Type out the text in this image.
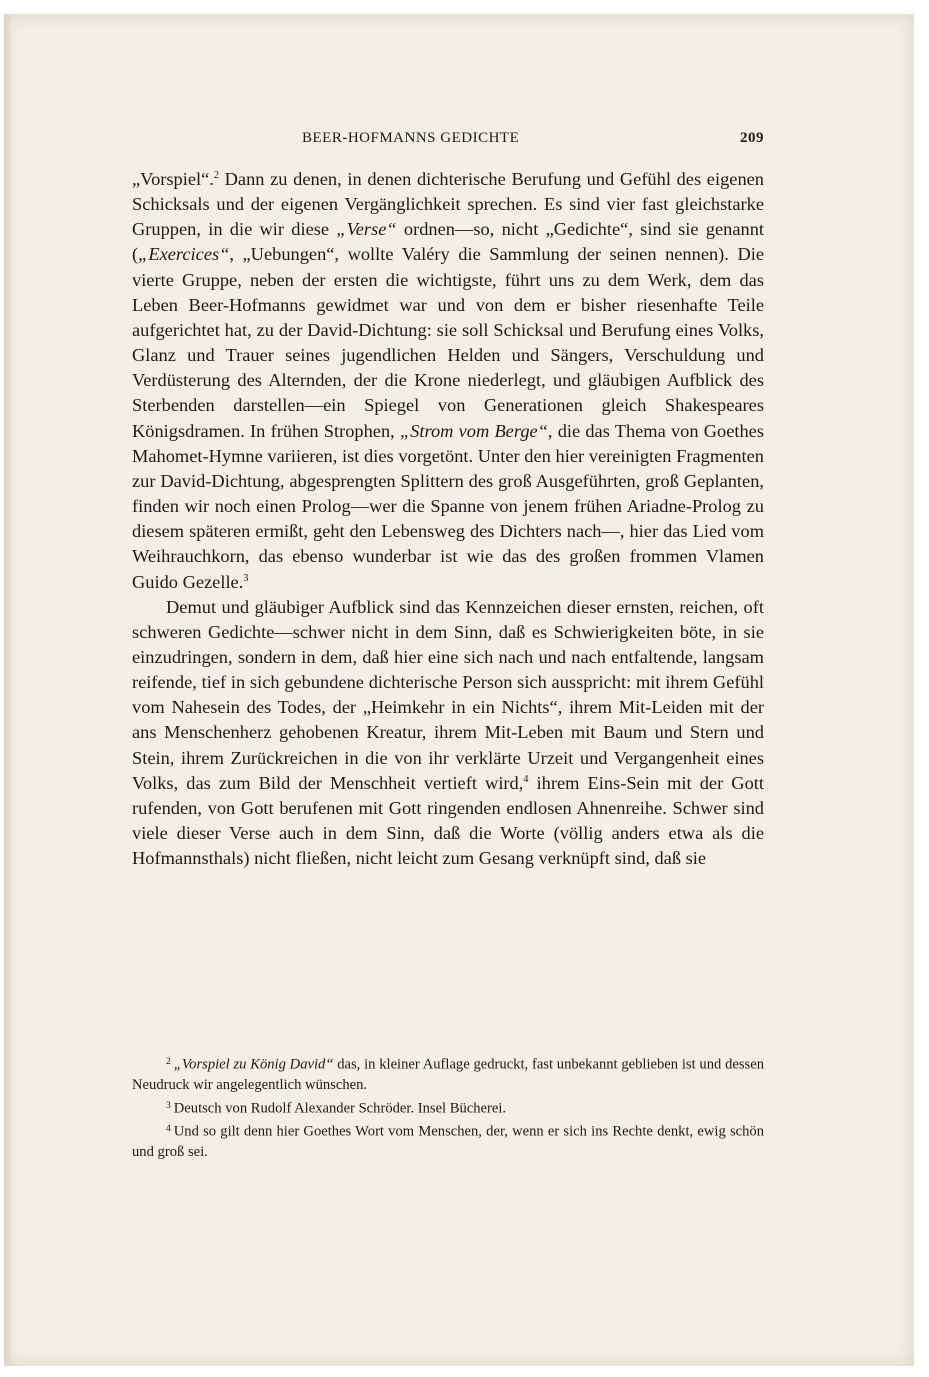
BEER-HOFMANNS GEDICHTE	209

„Vorspiel“.$^2$ Dann zu denen, in denen dichterische Berufung und Gefühl des eigenen Schicksals und der eigenen Vergänglichkeit sprechen. Es sind vier fast gleichstarke Gruppen, in die wir diese „Verse“ ordnen—so, nicht „Gedichte“, sind sie genannt („Exercices“, „Uebungen“, wollte Valéry die Sammlung der seinen nennen). Die vierte Gruppe, neben der ersten die wichtigste, führt uns zu dem Werk, dem das Leben Beer-Hofmanns gewidmet war und von dem er bisher riesenhafte Teile aufgerichtet hat, zu der David-Dichtung: sie soll Schicksal und Berufung eines Volks, Glanz und Trauer seines jugendlichen Helden und Sängers, Verschuldung und Verdüsterung des Alternden, der die Krone niederlegt, und gläubigen Aufblick des Sterbenden darstellen—ein Spiegel von Generationen gleich Shakespeares Königsdramen. In frühen Strophen, „Strom vom Berge“, die das Thema von Goethes Mahomet-Hymne variieren, ist dies vorgetönt. Unter den hier vereinigten Fragmenten zur David-Dichtung, abgesprengten Splittern des groß Ausgeführten, groß Geplanten, finden wir noch einen Prolog—wer die Spanne von jenem frühen Ariadne-Prolog zu diesem späteren ermißt, geht den Lebensweg des Dichters nach—, hier das Lied vom Weihrauchkorn, das ebenso wunderbar ist wie das des großen frommen Vlamen Guido Gezelle.$^3$

Demut und gläubiger Aufblick sind das Kennzeichen dieser ernsten, reichen, oft schweren Gedichte—schwer nicht in dem Sinn, daß es Schwierigkeiten böte, in sie einzudringen, sondern in dem, daß hier eine sich nach und nach entfaltende, langsam reifende, tief in sich gebundene dichterische Person sich ausspricht: mit ihrem Gefühl vom Nahesein des Todes, der „Heimkehr in ein Nichts“, ihrem Mit-Leiden mit der ans Menschenherz gehobenen Kreatur, ihrem Mit-Leben mit Baum und Stern und Stein, ihrem Zurückreichen in die von ihr verklärte Urzeit und Vergangenheit eines Volks, das zum Bild der Menschheit vertieft wird,$^4$ ihrem Eins-Sein mit der Gott rufenden, von Gott berufenen mit Gott ringenden endlosen Ahnenreihe. Schwer sind viele dieser Verse auch in dem Sinn, daß die Worte (völlig anders etwa als die Hofmannsthals) nicht fließen, nicht leicht zum Gesang verknüpft sind, daß sie

$^2$ „Vorspiel zu König David“ das, in kleiner Auflage gedruckt, fast unbekannt geblieben ist und dessen Neudruck wir angelegentlich wünschen.

$^3$ Deutsch von Rudolf Alexander Schröder. Insel Bücherei.

$^4$ Und so gilt denn hier Goethes Wort vom Menschen, der, wenn er sich ins Rechte denkt, ewig schön und groß sei.
